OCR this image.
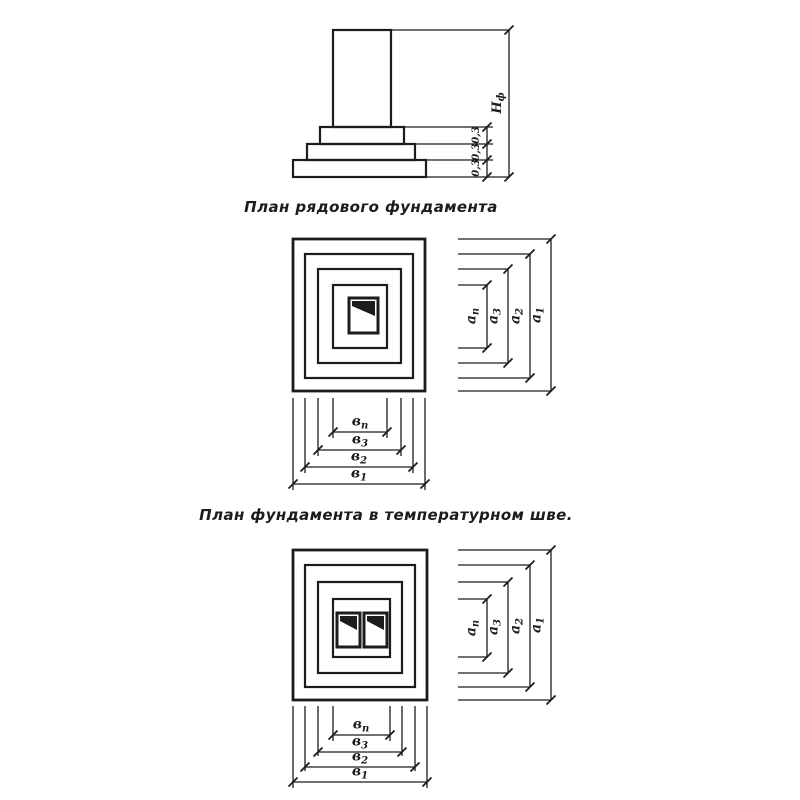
$Н_ф$
0,3
0,3
0,3
План рядового фундамента
$а_п$
$а_3$
$а_2$
$а_1$
$в_п$
$в_3$
$в_2$
$в_1$
План фундамента в температурном шве.
$а_п$
$а_3$
$а_2$
$а_1$
$в_п$
$в_3$
$в_2$
$в_1$
